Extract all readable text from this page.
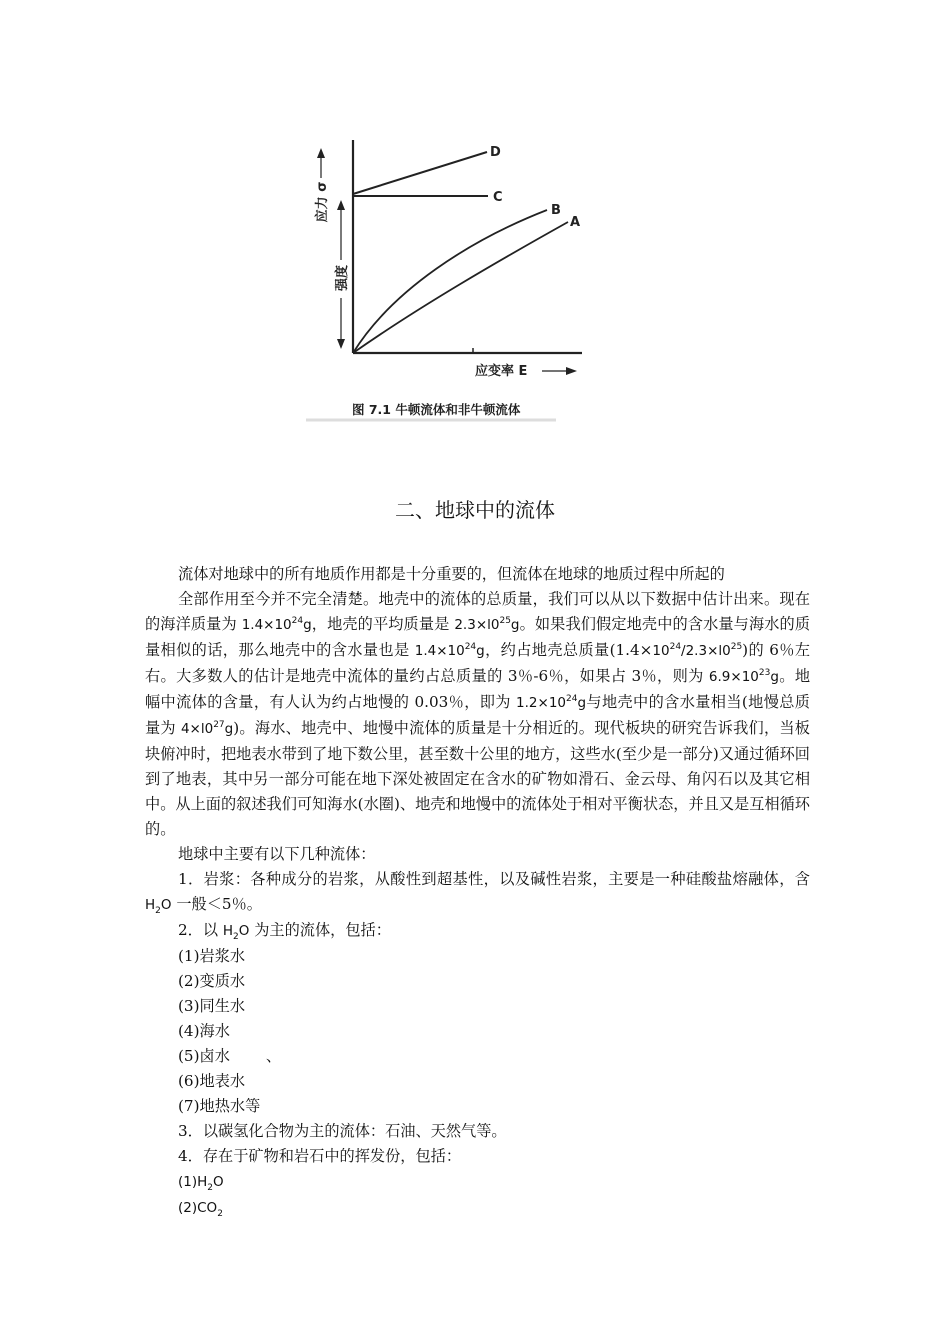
应力 σ
强度
D
C
B
A
应变率 E
图 7.1 牛顿流体和非牛顿流体
二、地球中的流体
流体对地球中的所有地质作用都是十分重要的，但流体在地球的地质过程中所起的

全部作用至今并不完全清楚。地壳中的流体的总质量，我们可以从以下数据中估计出来。现在的海洋质量为 $1.4\times 10^{24}g$，地壳的平均质量是 $2.3\times l0^{25}g$。如果我们假定地壳中的含水量与海水的质量相似的话，那么地壳中的含水量也是 $1.4\times 10^{24}g$，约占地壳总质量$(1.4\times 10^{24}/2.3\times l0^{25})$的 6％左右。大多数人的估计是地壳中流体的量约占总质量的 3％-6％，如果占 3％，则为 $6.9\times 10^{23}g$。地幅中流体的含量，有人认为约占地慢的 0.03％，即为 $1.2\times 10^{24}g$与地壳中的含水量相当(地慢总质量为 $4\times l0^{27}g$)。海水、地壳中、地慢中流体的质量是十分相近的。现代板块的研究告诉我们，当板块俯冲时，把地表水带到了地下数公里，甚至数十公里的地方，这些水(至少是一部分)又通过循环回到了地表，其中另一部分可能在地下深处被固定在含水的矿物如滑石、金云母、角闪石以及其它相中。从上面的叙述我们可知海水(水圈)、地壳和地慢中的流体处于相对平衡状态，并且又是互相循环的。

地球中主要有以下几种流体：

1．岩浆：各种成分的岩浆，从酸性到超基性，以及碱性岩浆，主要是一种硅酸盐熔融体，含 $H_2O$ 一般＜5％。

2．以 $H_2O$ 为主的流体，包括：
(1)岩浆水
(2)变质水
(3)同生水
(4)海水
(5)卤水 、
(6)地表水
(7)地热水等
3．以碳氢化合物为主的流体：石油、天然气等。
4．存在于矿物和岩石中的挥发份，包括：
$(1)H_2O$
$(2)CO_2$
